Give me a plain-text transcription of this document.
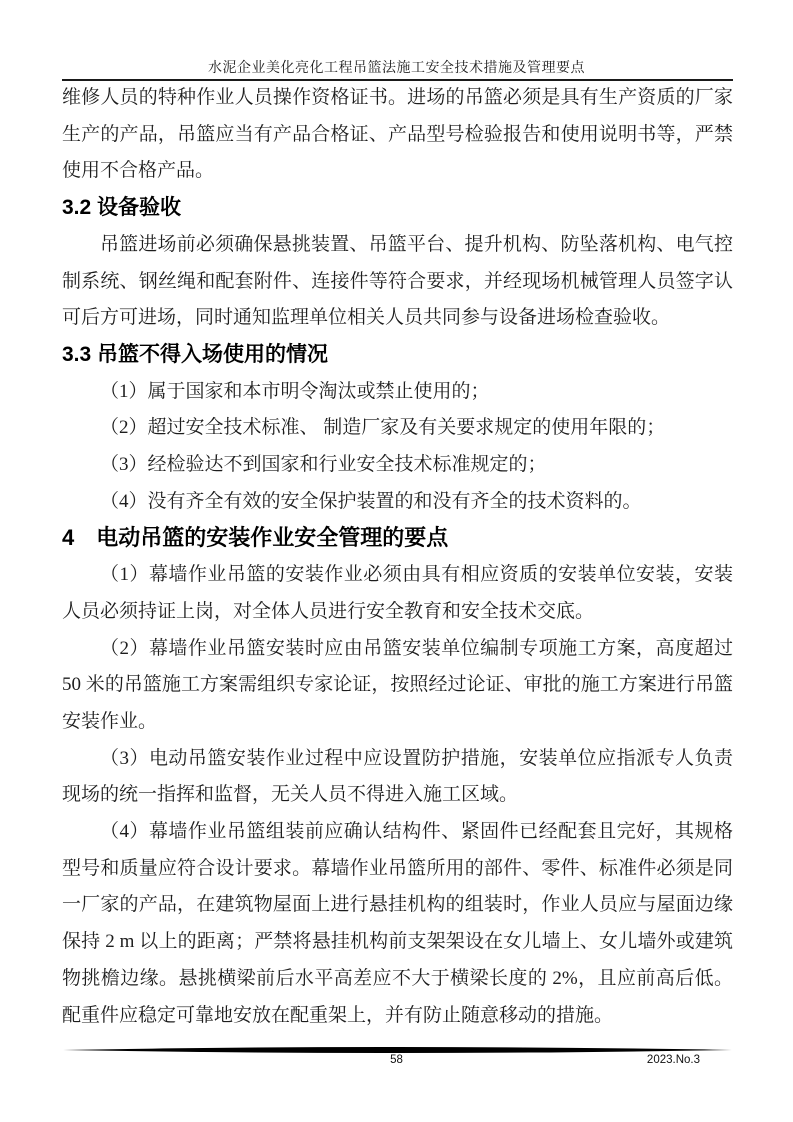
水泥企业美化亮化工程吊篮法施工安全技术措施及管理要点

维修人员的特种作业人员操作资格证书。进场的吊篮必须是具有生产资质的厂家生产的产品，吊篮应当有产品合格证、产品型号检验报告和使用说明书等，严禁使用不合格产品。

3.2 设备验收

吊篮进场前必须确保悬挑装置、吊篮平台、提升机构、防坠落机构、电气控制系统、钢丝绳和配套附件、连接件等符合要求，并经现场机械管理人员签字认可后方可进场，同时通知监理单位相关人员共同参与设备进场检查验收。

3.3 吊篮不得入场使用的情况

（1）属于国家和本市明令淘汰或禁止使用的；

（2）超过安全技术标准、 制造厂家及有关要求规定的使用年限的；

（3）经检验达不到国家和行业安全技术标准规定的；

（4）没有齐全有效的安全保护装置的和没有齐全的技术资料的。

4　电动吊篮的安装作业安全管理的要点

（1）幕墙作业吊篮的安装作业必须由具有相应资质的安装单位安装，安装人员必须持证上岗，对全体人员进行安全教育和安全技术交底。

（2）幕墙作业吊篮安装时应由吊篮安装单位编制专项施工方案，高度超过 50 米的吊篮施工方案需组织专家论证，按照经过论证、审批的施工方案进行吊篮安装作业。

（3）电动吊篮安装作业过程中应设置防护措施，安装单位应指派专人负责现场的统一指挥和监督，无关人员不得进入施工区域。

（4）幕墙作业吊篮组装前应确认结构件、紧固件已经配套且完好，其规格型号和质量应符合设计要求。幕墙作业吊篮所用的部件、零件、标准件必须是同一厂家的产品，在建筑物屋面上进行悬挂机构的组装时，作业人员应与屋面边缘保持 2 m 以上的距离；严禁将悬挂机构前支架架设在女儿墙上、女儿墙外或建筑物挑檐边缘。悬挑横梁前后水平高差应不大于横梁长度的 2%，且应前高后低。配重件应稳定可靠地安放在配重架上，并有防止随意移动的措施。

58	2023.No.3
